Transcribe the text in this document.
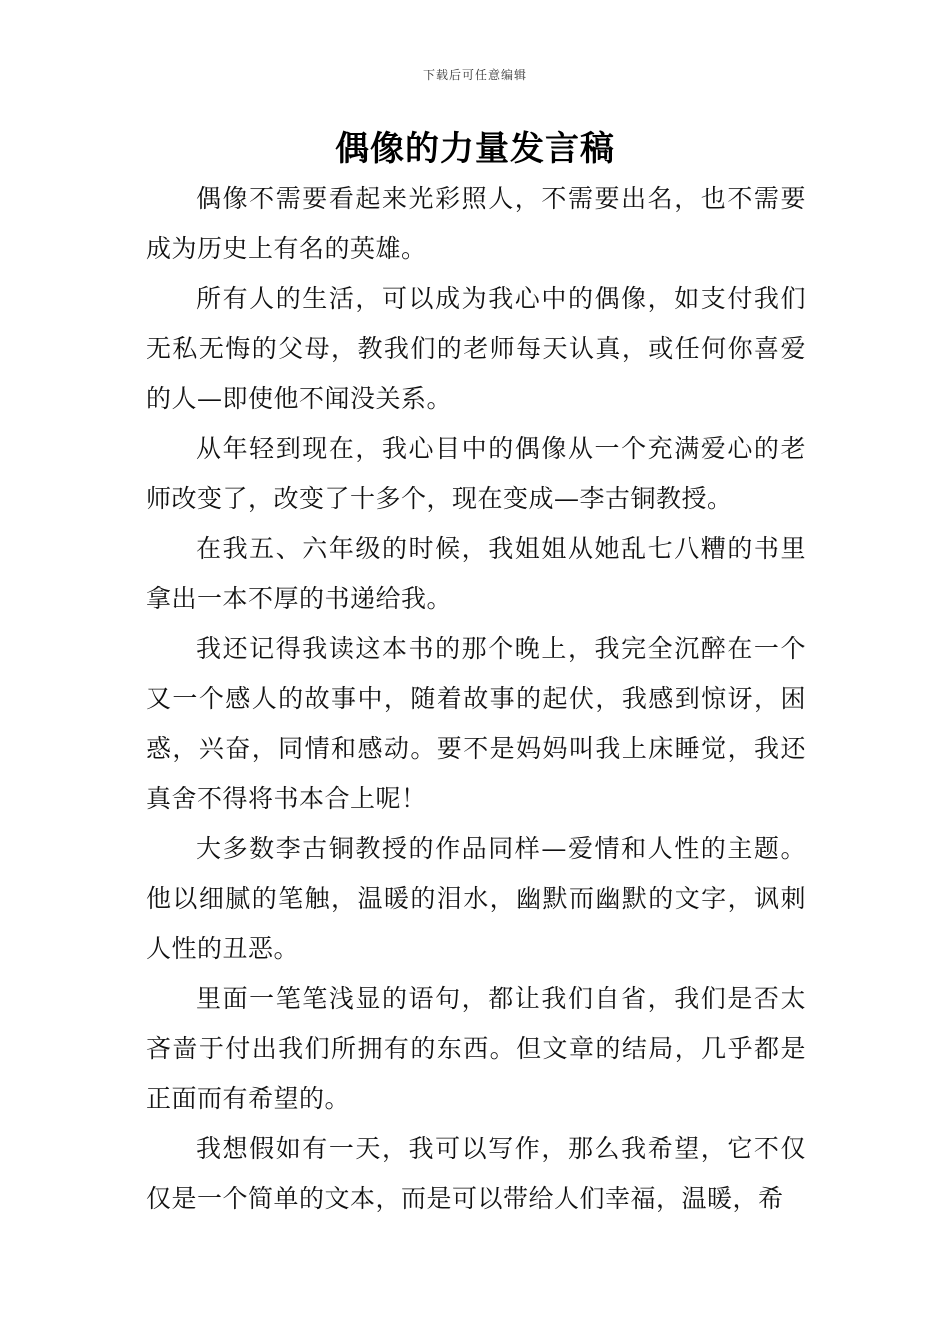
下载后可任意编辑
偶像的力量发言稿

偶像不需要看起来光彩照人，不需要出名，也不需要成为历史上有名的英雄。

所有人的生活，可以成为我心中的偶像，如支付我们无私无悔的父母，教我们的老师每天认真，或任何你喜爱的人—即使他不闻没关系。

从年轻到现在，我心目中的偶像从一个充满爱心的老师改变了，改变了十多个，现在变成—李古铜教授。

在我五、六年级的时候，我姐姐从她乱七八糟的书里拿出一本不厚的书递给我。

我还记得我读这本书的那个晚上，我完全沉醉在一个又一个感人的故事中，随着故事的起伏，我感到惊讶，困惑，兴奋，同情和感动。要不是妈妈叫我上床睡觉，我还真舍不得将书本合上呢！

大多数李古铜教授的作品同样—爱情和人性的主题。他以细腻的笔触，温暖的泪水，幽默而幽默的文字，讽刺人性的丑恶。

里面一笔笔浅显的语句，都让我们自省，我们是否太吝啬于付出我们所拥有的东西。但文章的结局，几乎都是正面而有希望的。

我想假如有一天，我可以写作，那么我希望，它不仅仅是一个简单的文本，而是可以带给人们幸福，温暖，希
